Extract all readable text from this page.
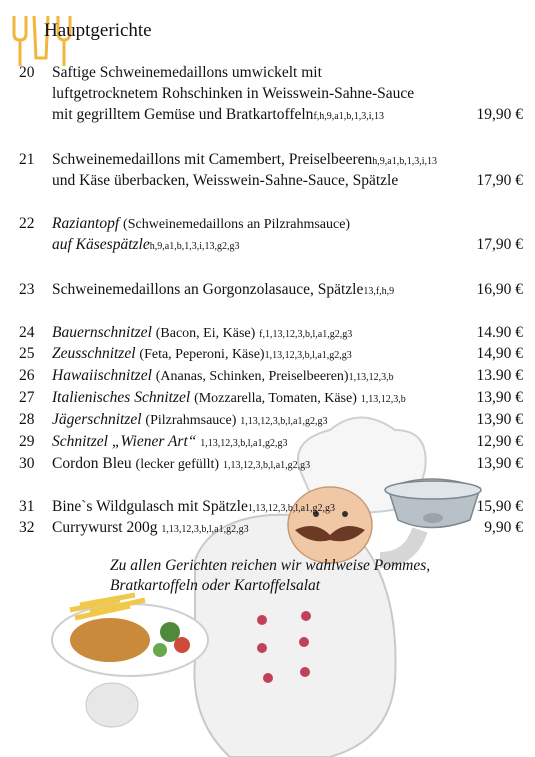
Hauptgerichte
20	Saftige Schweinemedaillons umwickelt mit
luftgetrocknetem Rohschinken in Weisswein-Sahne-Sauce
mit gegrilltem Gemüse und Bratkartoffelnf,h,9,a1,b,1,3,i,13	19,90 €
21	Schweinemedaillons mit Camembert, Preiselbeerenh,9,a1,b,1,3,i,13
und Käse überbacken, Weisswein-Sahne-Sauce, Spätzle	17,90 €
22	Raziantopf (Schweinemedaillons an Pilzrahmsauce)
auf Käsespätzleh,9,a1,b,1,3,i,13,g2,g3	17,90 €
23	Schweinemedaillons an Gorgonzolasauce, Spätzle13,f,h,9	16,90 €
24	Bauernschnitzel (Bacon, Ei, Käse) f,1,13,12,3,b,l,a1,g2,g3	14.90 €
25	Zeusschnitzel (Feta, Peperoni, Käse)1,13,12,3,b,l,a1,g2,g3	14,90 €
26	Hawaiischnitzel (Ananas, Schinken, Preiselbeeren)1,13,12,3,b	13.90 €
27	Italienisches Schnitzel (Mozzarella, Tomaten, Käse) 1,13,12,3,b	13,90 €
28	Jägerschnitzel (Pilzrahmsauce) 1,13,12,3,b,l,a1,g2,g3	13,90 €
29	Schnitzel „Wiener Art“ 1,13,12,3,b,l,a1,g2,g3	12,90 €
30	Cordon Bleu (lecker gefüllt) 1,13,12,3,b,l,a1,g2,g3	13,90 €
31	Bine`s Wildgulasch mit Spätzle1,13,12,3,b,l,a1,g2,g3	15,90 €
32	Currywurst 200g 1,13,12,3,b,l,a1,g2,g3	9,90 €
Zu allen Gerichten reichen wir wahlweise Pommes,
Bratkartoffeln oder Kartoffelsalat
